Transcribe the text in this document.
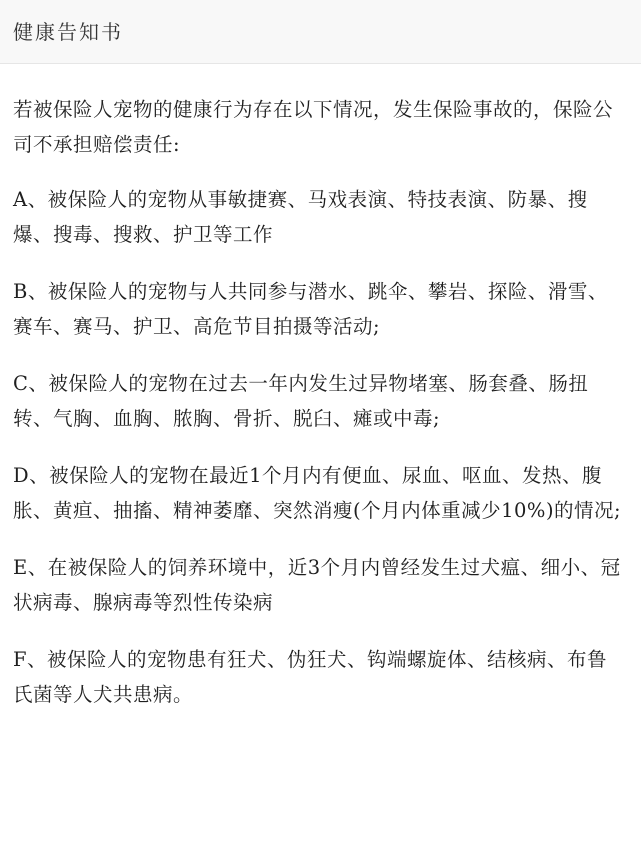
健康告知书

若被保险人宠物的健康行为存在以下情况，发生保险事故的，保险公司不承担赔偿责任:

A、被保险人的宠物从事敏捷赛、马戏表演、特技表演、防暴、搜爆、搜毒、搜救、护卫等工作

B、被保险人的宠物与人共同参与潜水、跳伞、攀岩、探险、滑雪、赛车、赛马、护卫、高危节目拍摄等活动;

C、被保险人的宠物在过去一年内发生过异物堵塞、肠套叠、肠扭转、气胸、血胸、脓胸、骨折、脱臼、瘫或中毒;

D、被保险人的宠物在最近1个月内有便血、尿血、呕血、发热、腹胀、黄疸、抽搐、精神萎靡、突然消瘦(个月内体重减少10%)的情况;

E、在被保险人的饲养环境中，近3个月内曾经发生过犬瘟、细小、冠状病毒、腺病毒等烈性传染病

F、被保险人的宠物患有狂犬、伪狂犬、钩端螺旋体、结核病、布鲁氏菌等人犬共患病。
